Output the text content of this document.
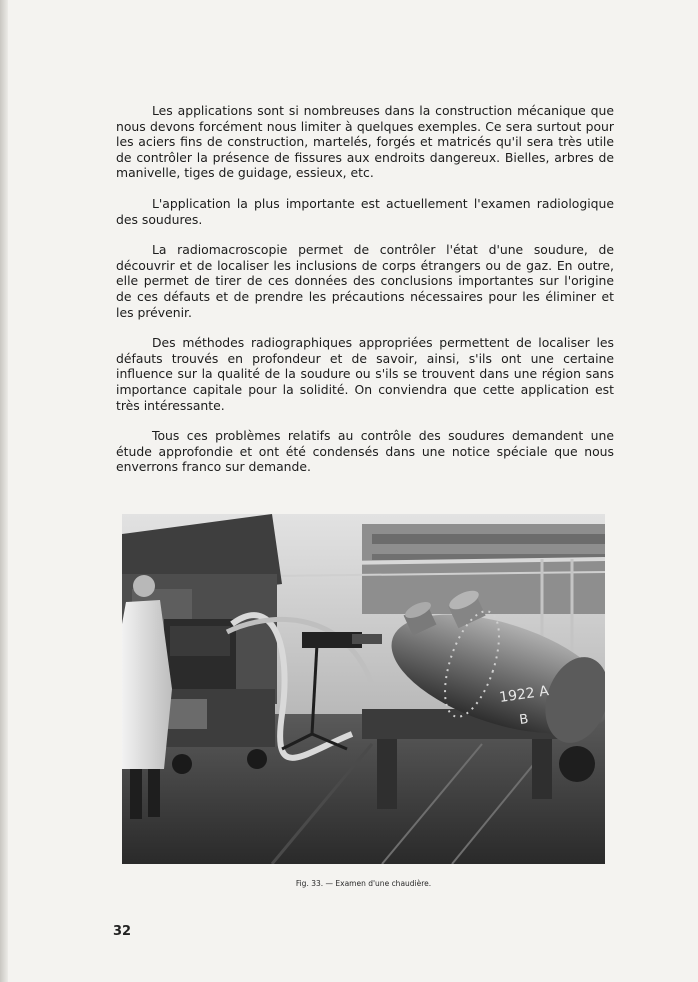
Les applications sont si nombreuses dans la construction mécanique que nous devons forcément nous limiter à quelques exemples. Ce sera surtout pour les aciers fins de construction, martelés, forgés et matricés qu'il sera très utile de contrôler la présence de fissures aux endroits dangereux. Bielles, arbres de manivelle, tiges de guidage, essieux, etc.

L'application la plus importante est actuellement l'examen radiologique des soudures.

La radiomacroscopie permet de contrôler l'état d'une soudure, de découvrir et de localiser les inclusions de corps étrangers ou de gaz. En outre, elle permet de tirer de ces données des conclusions importantes sur l'origine de ces défauts et de prendre les précautions nécessaires pour les éliminer et les prévenir.

Des méthodes radiographiques appropriées permettent de localiser les défauts trouvés en profondeur et de savoir, ainsi, s'ils ont une certaine influence sur la qualité de la soudure ou s'ils se trouvent dans une région sans importance capitale pour la solidité. On conviendra que cette application est très intéressante.

Tous ces problèmes relatifs au contrôle des soudures demandent une étude approfondie et ont été condensés dans une notice spéciale que nous enverrons franco sur demande.

1922 A
B
Fig. 33. — Examen d'une chaudière.
32
